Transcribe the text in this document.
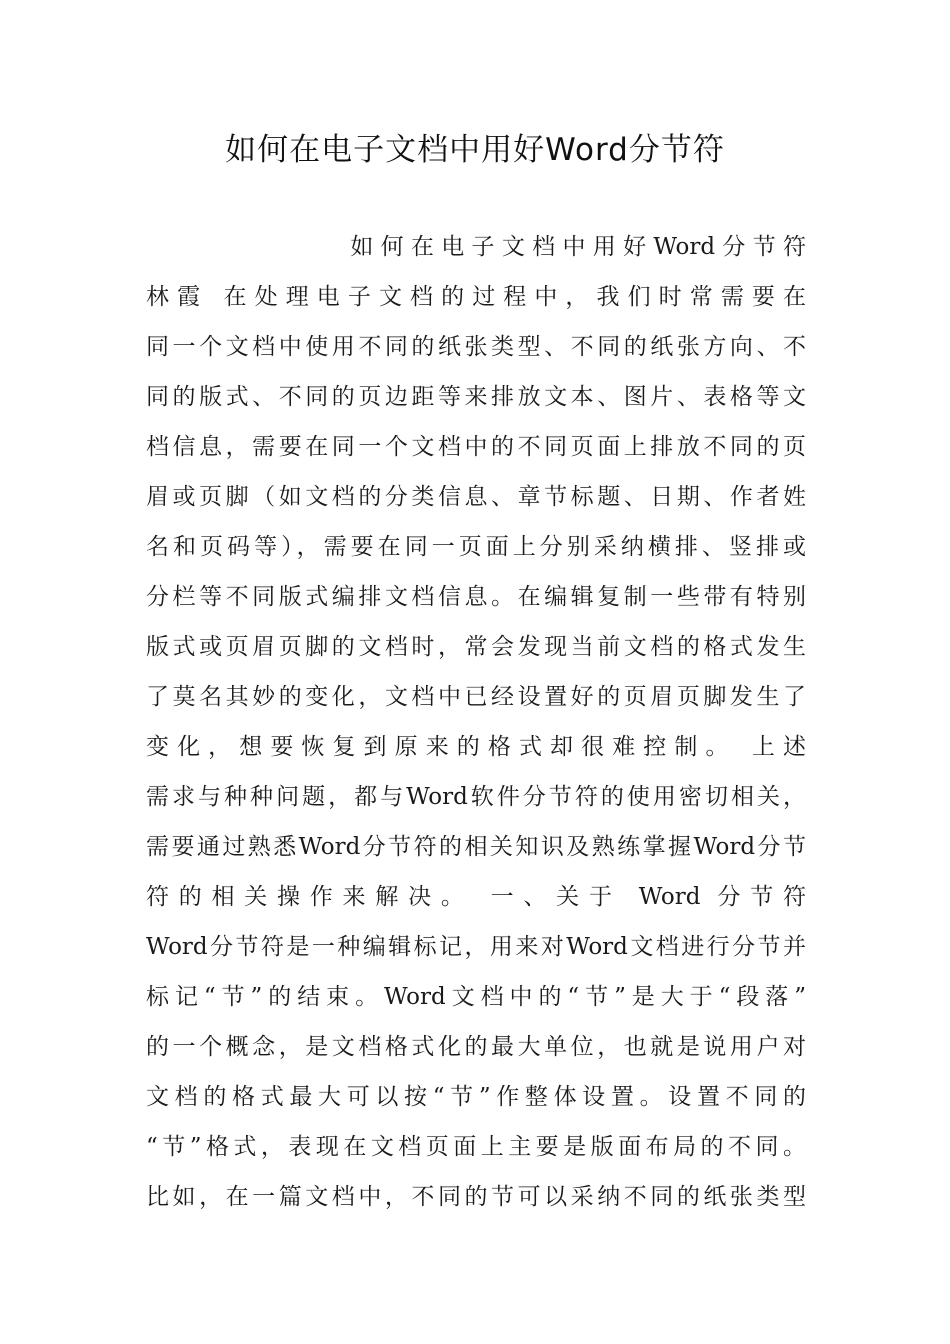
如何在电子文档中用好Word分节符
如 何 在 电 子 文 档 中 用 好 Word 分 节 符
林霞 在处理电子文档的过程中，我们时常需要在
同一个文档中使用不同的纸张类型、不同的纸张方向、不
同的版式、不同的页边距等来排放文本、图片、表格等文
档信息，需要在同一个文档中的不同页面上排放不同的页
眉或页脚（如文档的分类信息、章节标题、日期、作者姓
名和页码等），需要在同一页面上分别采纳横排、竖排或
分栏等不同版式编排文档信息。在编辑复制一些带有特别
版式或页眉页脚的文档时，常会发现当前文档的格式发生
了莫名其妙的变化，文档中已经设置好的页眉页脚发生了
变化，想要恢复到原来的格式却很难控制。 上述
需求与种种问题，都与Word软件分节符的使用密切相关，
需要通过熟悉Word分节符的相关知识及熟练掌握Word分节
符的相关操作来解决。 一、关于 Word 分节符
Word分节符是一种编辑标记，用来对Word文档进行分节并
标记“节”的结束。Word文档中的“节”是大于“段落”
的一个概念，是文档格式化的最大单位，也就是说用户对
文档的格式最大可以按“节”作整体设置。设置不同的
“节”格式，表现在文档页面上主要是版面布局的不同。
比如，在一篇文档中，不同的节可以采纳不同的纸张类型
